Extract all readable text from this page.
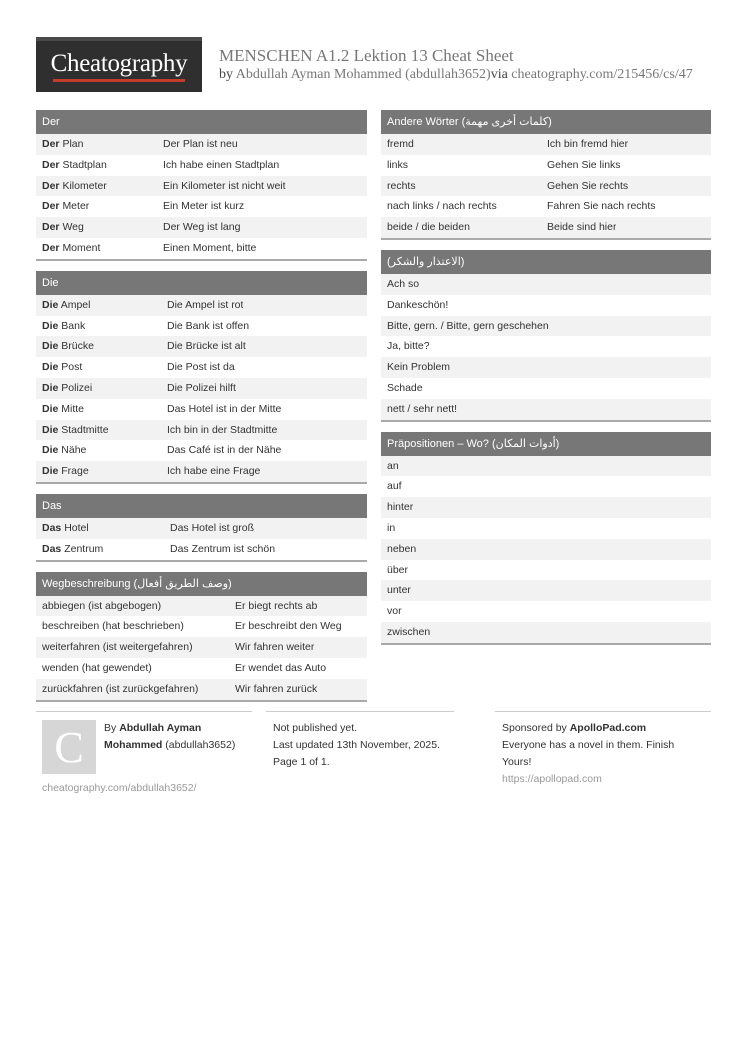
Cheatography	MENSCHEN A1.2 Lektion 13 Cheat Sheet
by Abdullah Ayman Mohammed (abdullah3652)via cheatography.com/215456/cs/47
Der
Der Plan	Der Plan ist neu
Der Stadtplan	Ich habe einen Stadtplan
Der Kilometer	Ein Kilometer ist nicht weit
Der Meter	Ein Meter ist kurz
Der Weg	Der Weg ist lang
Der Moment	Einen Moment, bitte
Die
Die Ampel	Die Ampel ist rot
Die Bank	Die Bank ist offen
Die Brücke	Die Brücke ist alt
Die Post	Die Post ist da
Die Polizei	Die Polizei hilft
Die Mitte	Das Hotel ist in der Mitte
Die Stadtmitte	Ich bin in der Stadtmitte
Die Nähe	Das Café ist in der Nähe
Die Frage	Ich habe eine Frage
Das
Das Hotel	Das Hotel ist groß
Das Zentrum	Das Zentrum ist schön
Wegbeschreibung (وصف الطريق أفعال)
abbiegen (ist abgebogen)	Er biegt rechts ab
beschreiben (hat beschrieben)	Er beschreibt den Weg
weiterfahren (ist weitergefahren)	Wir fahren weiter
wenden (hat gewendet)	Er wendet das Auto
zurückfahren (ist zurückgefahren)	Wir fahren zurück
Andere Wörter (كلمات أخرى مهمة)
fremd	Ich bin fremd hier
links	Gehen Sie links
rechts	Gehen Sie rechts
nach links / nach rechts	Fahren Sie nach rechts
beide / die beiden	Beide sind hier
(الاعتذار والشكر)
Ach so
Dankeschön!
Bitte, gern. / Bitte, gern geschehen
Ja, bitte?
Kein Problem
Schade
nett / sehr nett!
Präpositionen – Wo? (أدوات المكان)
an
auf
hinter
in
neben
über
unter
vor
zwischen
C	By Abdullah Ayman Mohammed (abdullah3652)
cheatography.com/abdullah3652/
Not published yet.
Last updated 13th November, 2025.
Page 1 of 1.
Sponsored by ApolloPad.com
Everyone has a novel in them. Finish Yours!
https://apollopad.com
